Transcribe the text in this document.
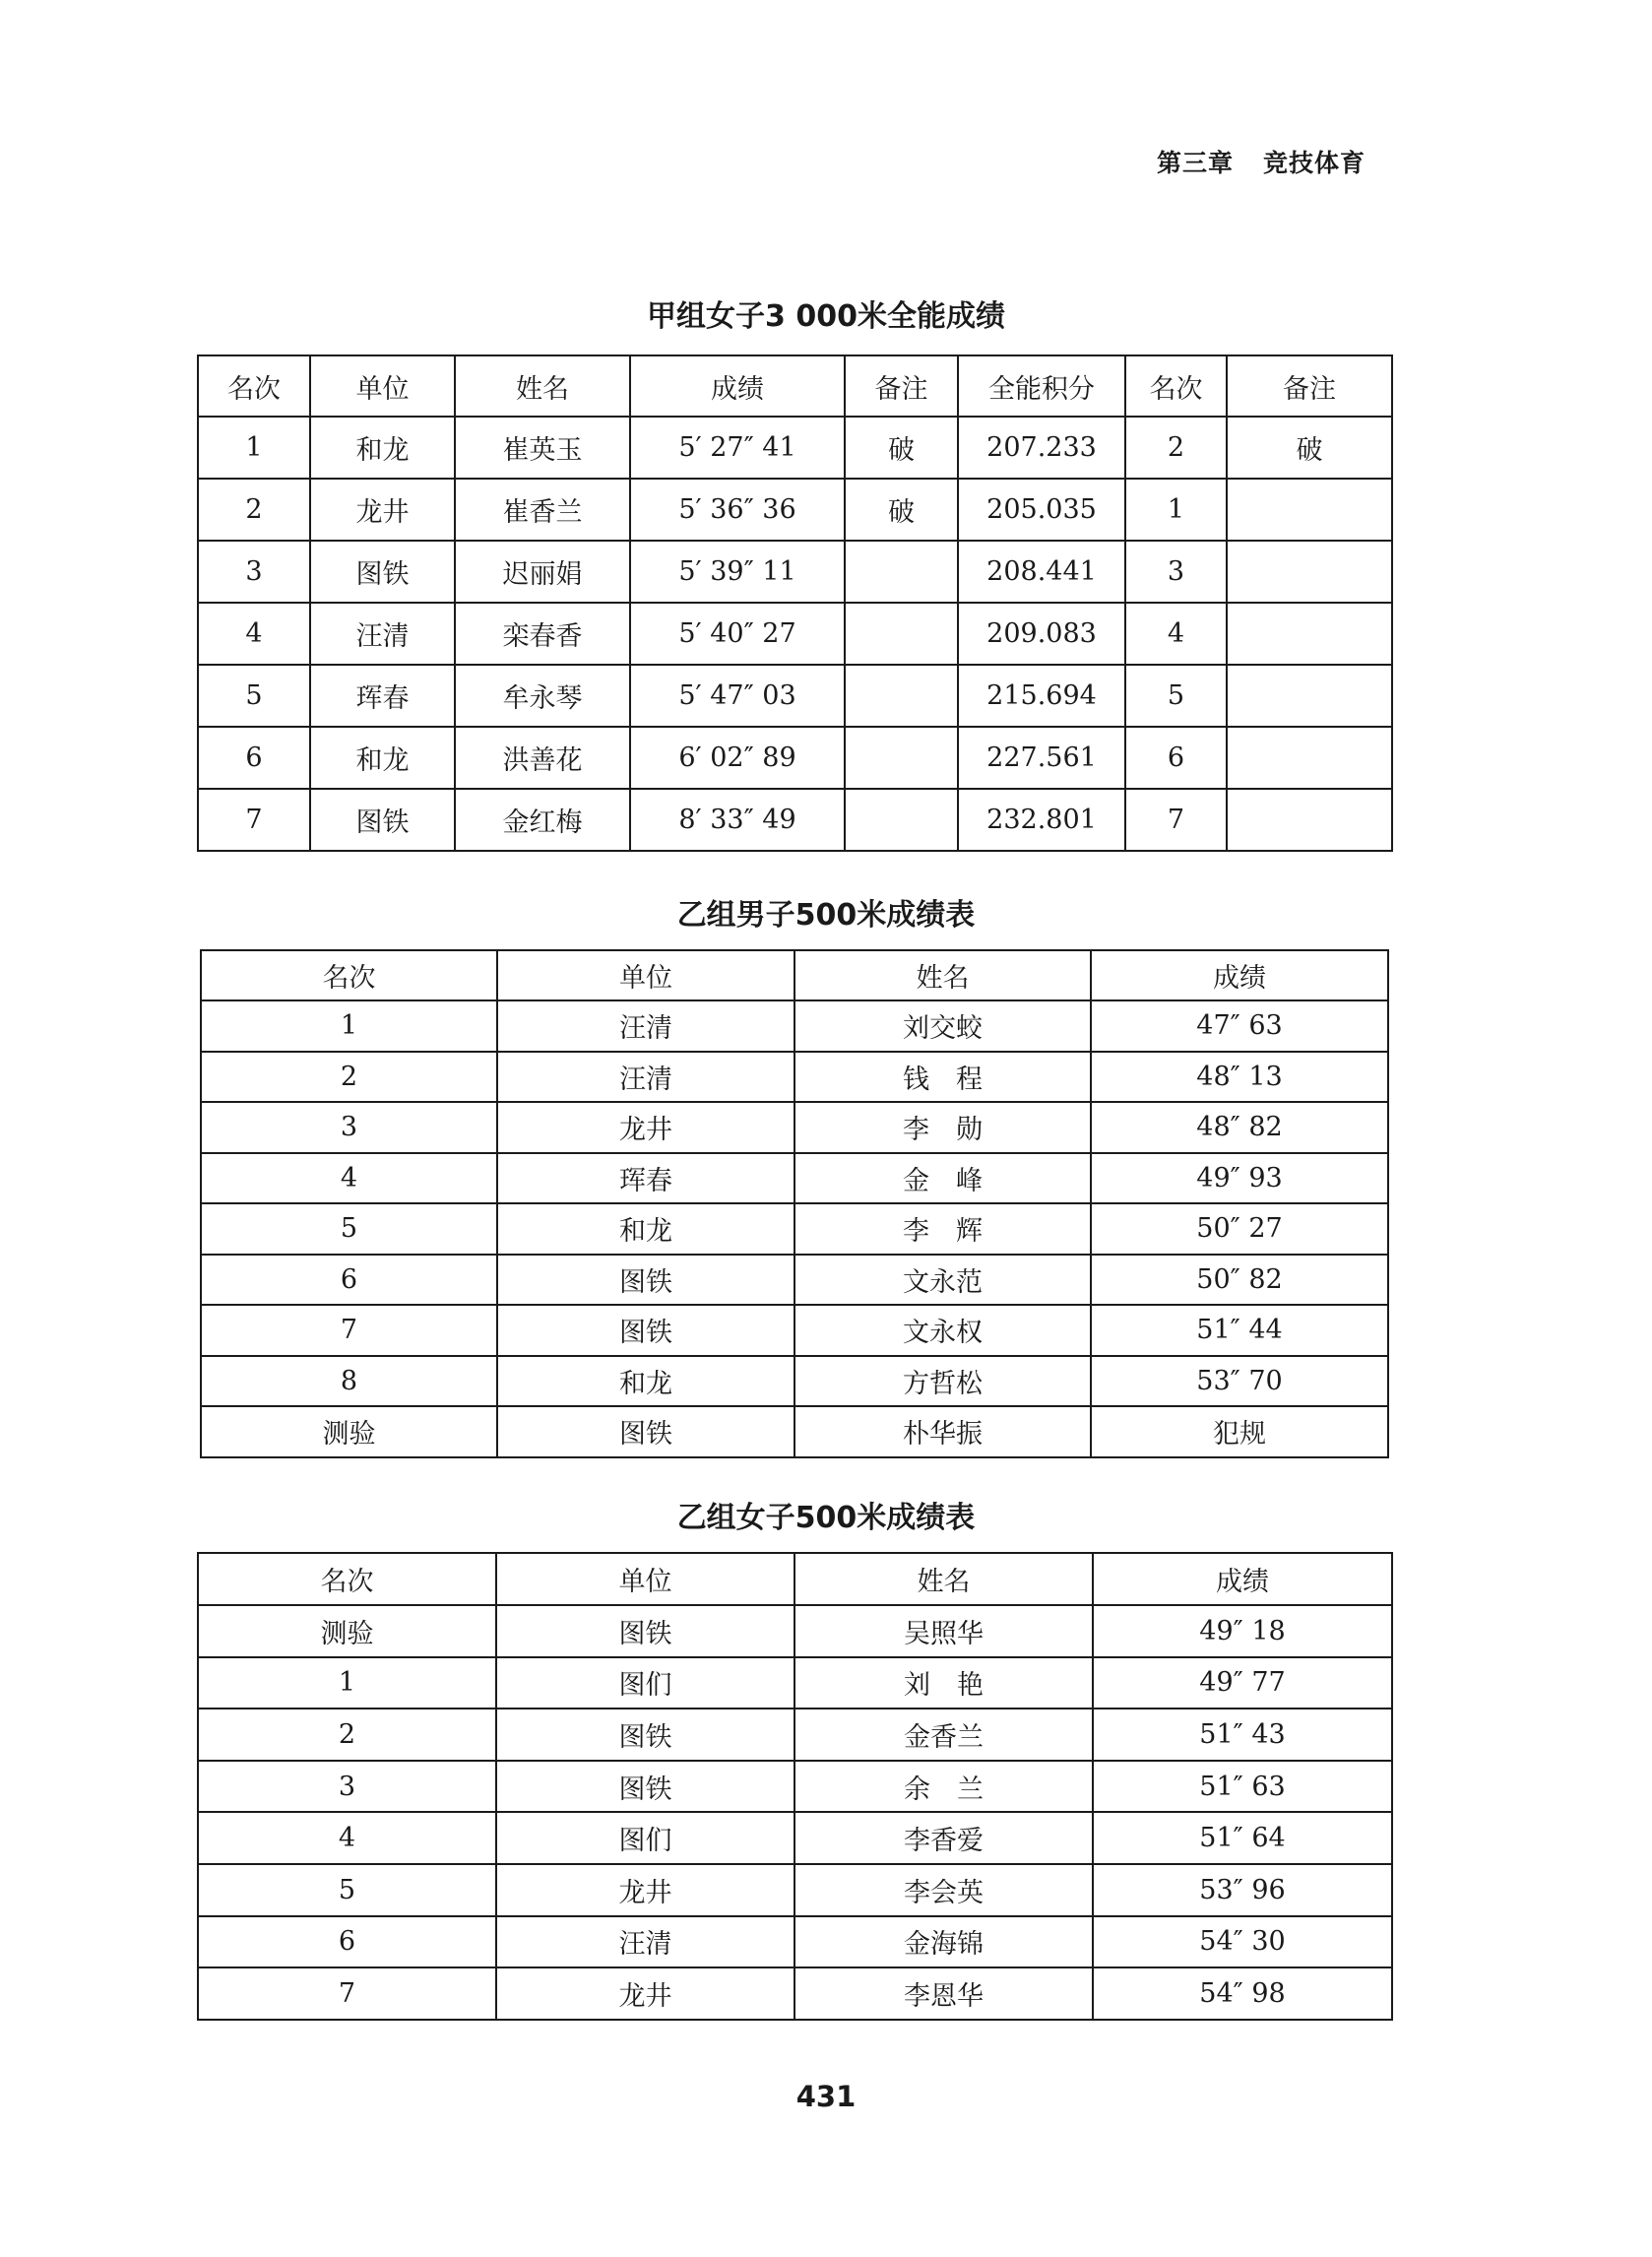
第三章 竞技体育
甲组女子3 000米全能成绩
名次	单位	姓名	成绩	备注	全能积分	名次	备注
1	和龙	崔英玉	5′ 27″ 41	破	207.233	2	破
2	龙井	崔香兰	5′ 36″ 36	破	205.035	1	
3	图铁	迟丽娟	5′ 39″ 11		208.441	3	
4	汪清	栾春香	5′ 40″ 27		209.083	4	
5	珲春	牟永琴	5′ 47″ 03		215.694	5	
6	和龙	洪善花	6′ 02″ 89		227.561	6	
7	图铁	金红梅	8′ 33″ 49		232.801	7	
乙组男子500米成绩表
名次	单位	姓名	成绩
1	汪清	刘交蛟	47″ 63
2	汪清	钱　程	48″ 13
3	龙井	李　勋	48″ 82
4	珲春	金　峰	49″ 93
5	和龙	李　辉	50″ 27
6	图铁	文永范	50″ 82
7	图铁	文永权	51″ 44
8	和龙	方哲松	53″ 70
测验	图铁	朴华振	犯规
乙组女子500米成绩表
名次	单位	姓名	成绩
测验	图铁	吴照华	49″ 18
1	图们	刘　艳	49″ 77
2	图铁	金香兰	51″ 43
3	图铁	余　兰	51″ 63
4	图们	李香爱	51″ 64
5	龙井	李会英	53″ 96
6	汪清	金海锦	54″ 30
7	龙井	李恩华	54″ 98
431
